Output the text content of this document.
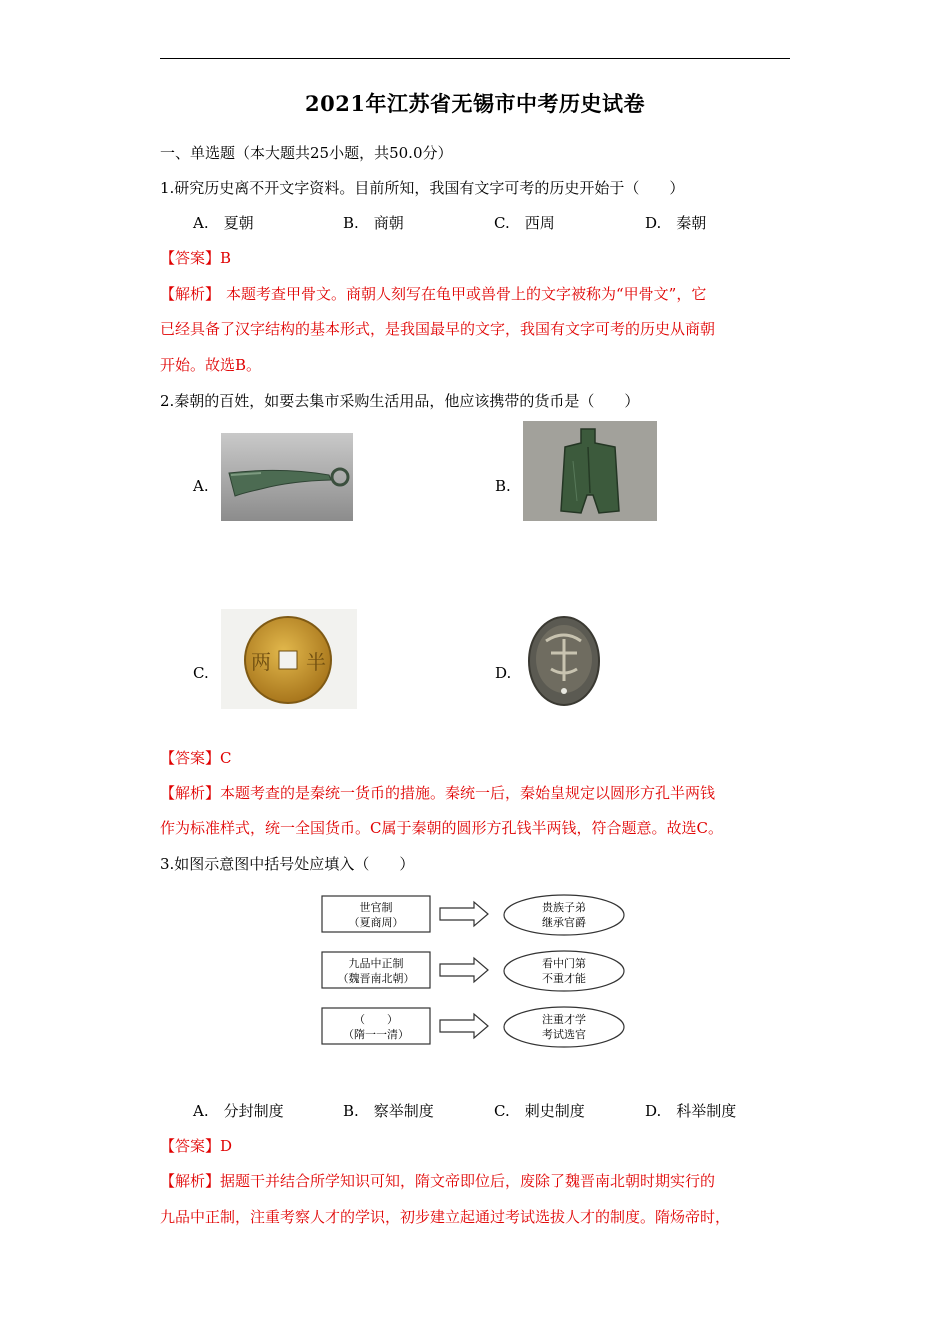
2021年江苏省无锡市中考历史试卷
一、单选题（本大题共25小题，共50.0分）
1.研究历史离不开文字资料。目前所知，我国有文字可考的历史开始于（　　）
A.　夏朝	B.　商朝	C.　西周	D.　秦朝
【答案】B
【解析】 本题考查甲骨文。商朝人刻写在龟甲或兽骨上的文字被称为“甲骨文”，它
已经具备了汉字结构的基本形式，是我国最早的文字，我国有文字可考的历史从商朝
开始。故选B。
2.秦朝的百姓，如要去集市采购生活用品，他应该携带的货币是（　　）
A.	B.
C. 两 半	D.
【答案】C
【解析】本题考查的是秦统一货币的措施。秦统一后，秦始皇规定以圆形方孔半两钱
作为标准样式，统一全国货币。C属于秦朝的圆形方孔钱半两钱，符合题意。故选C。
3.如图示意图中括号处应填入（　　）
世官制
（夏商周）
贵族子弟
继承官爵
九品中正制
（魏晋南北朝）
看中门第
不重才能
（　　）
（隋一一清）
注重才学
考试选官
A.　分封制度	B.　察举制度	C.　刺史制度	D.　科举制度
【答案】D
【解析】据题干并结合所学知识可知，隋文帝即位后，废除了魏晋南北朝时期实行的
九品中正制，注重考察人才的学识，初步建立起通过考试选拔人才的制度。隋炀帝时，
